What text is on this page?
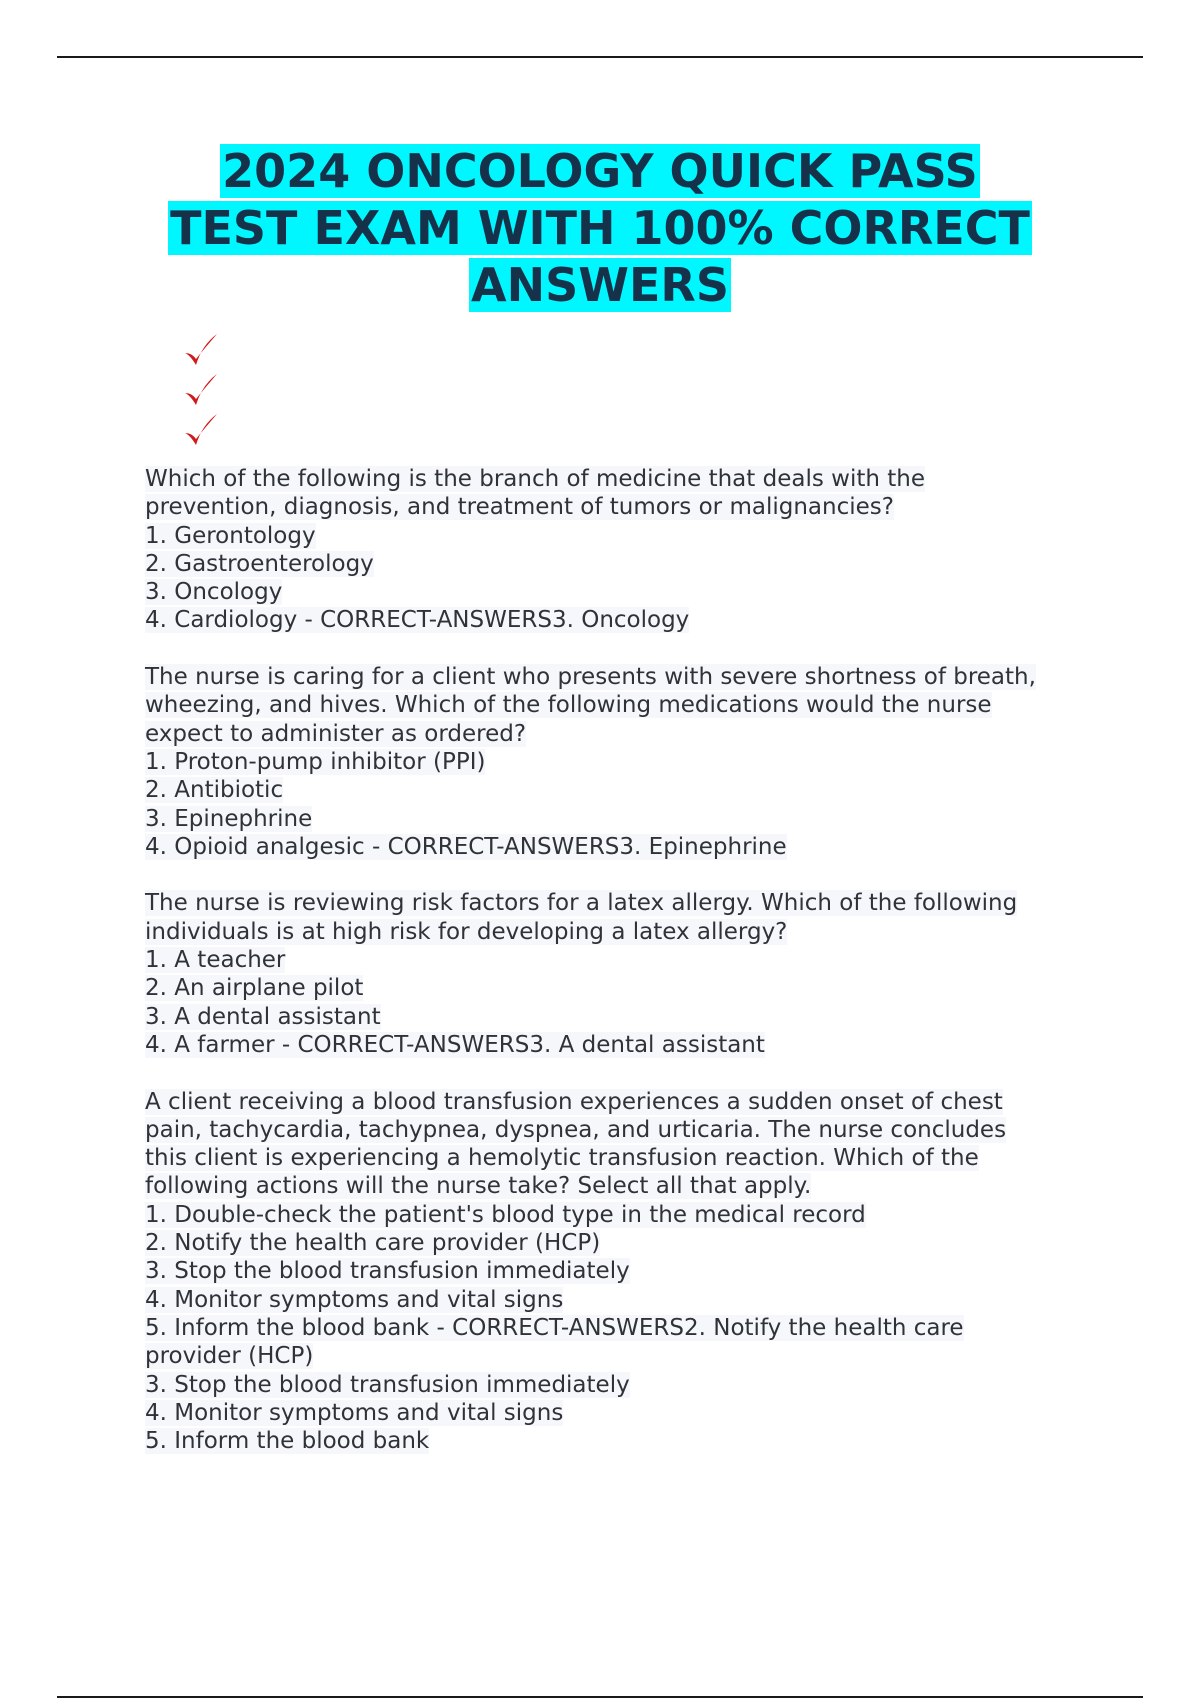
2024 ONCOLOGY QUICK PASS
TEST EXAM WITH 100% CORRECT
ANSWERS
Which of the following is the branch of medicine that deals with the
prevention, diagnosis, and treatment of tumors or malignancies?
1. Gerontology
2. Gastroenterology
3. Oncology
4. Cardiology - CORRECT-ANSWERS3. Oncology
The nurse is caring for a client who presents with severe shortness of breath,
wheezing, and hives. Which of the following medications would the nurse
expect to administer as ordered?
1. Proton-pump inhibitor (PPI)
2. Antibiotic
3. Epinephrine
4. Opioid analgesic - CORRECT-ANSWERS3. Epinephrine
The nurse is reviewing risk factors for a latex allergy. Which of the following
individuals is at high risk for developing a latex allergy?
1. A teacher
2. An airplane pilot
3. A dental assistant
4. A farmer - CORRECT-ANSWERS3. A dental assistant
A client receiving a blood transfusion experiences a sudden onset of chest
pain, tachycardia, tachypnea, dyspnea, and urticaria. The nurse concludes
this client is experiencing a hemolytic transfusion reaction. Which of the
following actions will the nurse take? Select all that apply.
1. Double-check the patient's blood type in the medical record
2. Notify the health care provider (HCP)
3. Stop the blood transfusion immediately
4. Monitor symptoms and vital signs
5. Inform the blood bank - CORRECT-ANSWERS2. Notify the health care
provider (HCP)
3. Stop the blood transfusion immediately
4. Monitor symptoms and vital signs
5. Inform the blood bank
